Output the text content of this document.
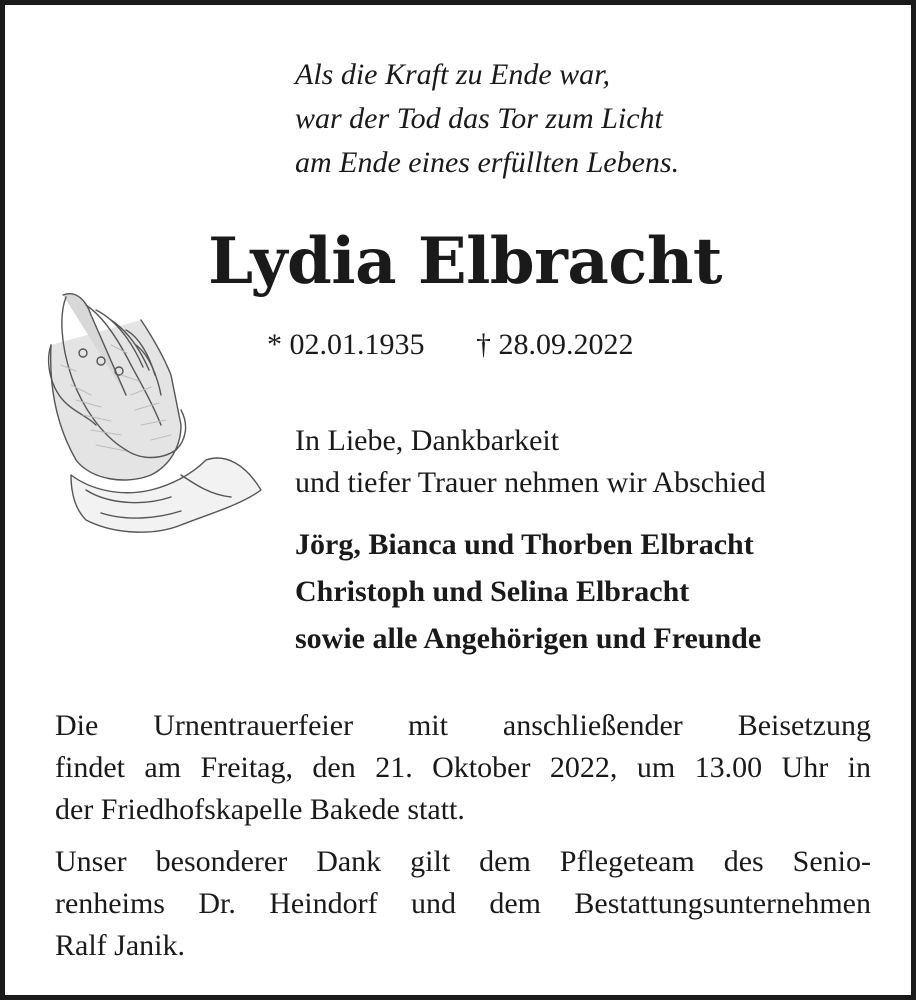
Als die Kraft zu Ende war,
war der Tod das Tor zum Licht
am Ende eines erfüllten Lebens.
Lydia Elbracht
* 02.01.1935 † 28.09.2022
In Liebe, Dankbarkeit
und tiefer Trauer nehmen wir Abschied
Jörg, Bianca und Thorben Elbracht
Christoph und Selina Elbracht
sowie alle Angehörigen und Freunde
Die Urnentrauerfeier mit anschließender Beisetzung
findet am Freitag, den 21. Oktober 2022, um 13.00 Uhr in
der Friedhofskapelle Bakede statt.
Unser besonderer Dank gilt dem Pflegeteam des Senio-
renheims Dr. Heindorf und dem Bestattungsunternehmen
Ralf Janik.
